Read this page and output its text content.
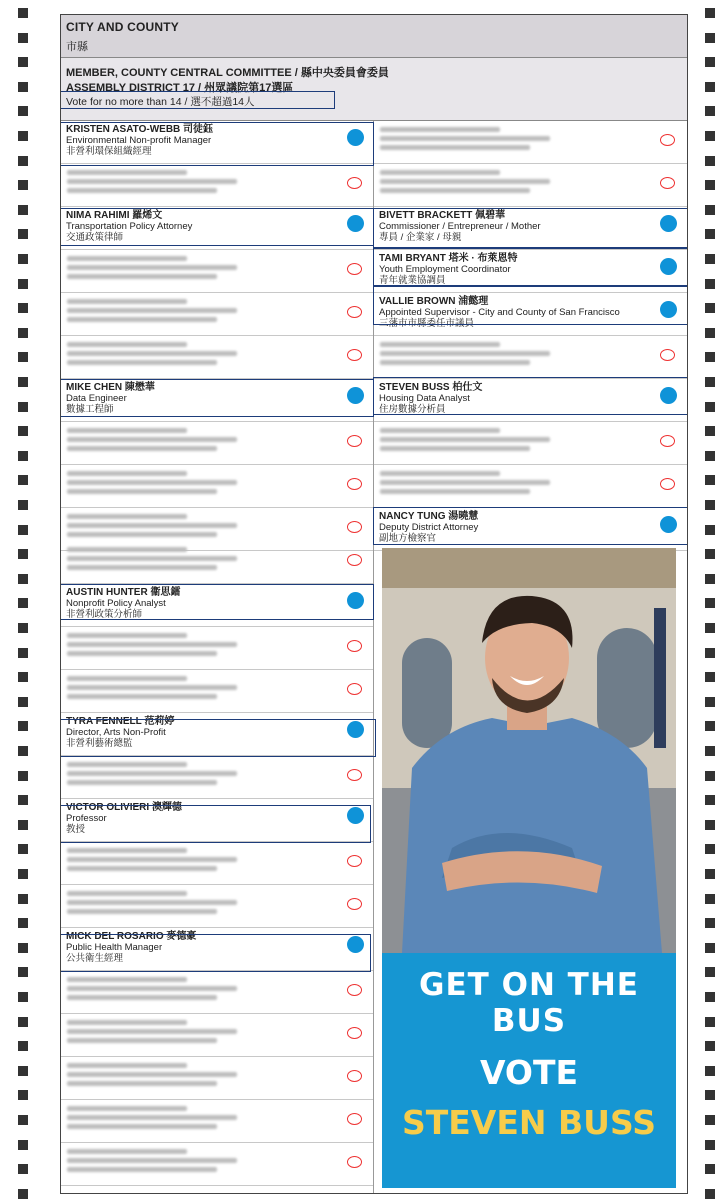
CITY AND COUNTY
市縣
MEMBER, COUNTY CENTRAL COMMITTEE / 縣中央委員會委員
ASSEMBLY DISTRICT 17 / 州眾議院第17選區
Vote for no more than 14 / 選不超過14人
KRISTEN ASATO-WEBB 司徒鈺
Environmental Non-profit Manager
非營利環保組織經理
NIMA RAHIMI 羅烯文
Transportation Policy Attorney
交通政策律師
MIKE CHEN 陳懋華
Data Engineer
數據工程師
AUSTIN HUNTER 衞思鐳
Nonprofit Policy Analyst
非營利政策分析師
TYRA FENNELL 范莉婷
Director, Arts Non-Profit
非營利藝術總監
VICTOR OLIVIERI 澳輝德
Professor
教授
MICK DEL ROSARIO 麥德豪
Public Health Manager
公共衛生經理
BIVETT BRACKETT 佩碧華
Commissioner / Entrepreneur / Mother
專員 / 企業家 / 母親
TAMI BRYANT 塔米 · 布萊恩特
Youth Employment Coordinator
青年就業協調員
VALLIE BROWN 浦懿理
Appointed Supervisor - City and County of San Francisco
三藩市市縣委任市議員
STEVEN BUSS 柏仕文
Housing Data Analyst
住房數據分析員
NANCY TUNG 湯曉慧
Deputy District Attorney
副地方檢察官
GET ON THE BUS
VOTE
STEVEN BUSS
